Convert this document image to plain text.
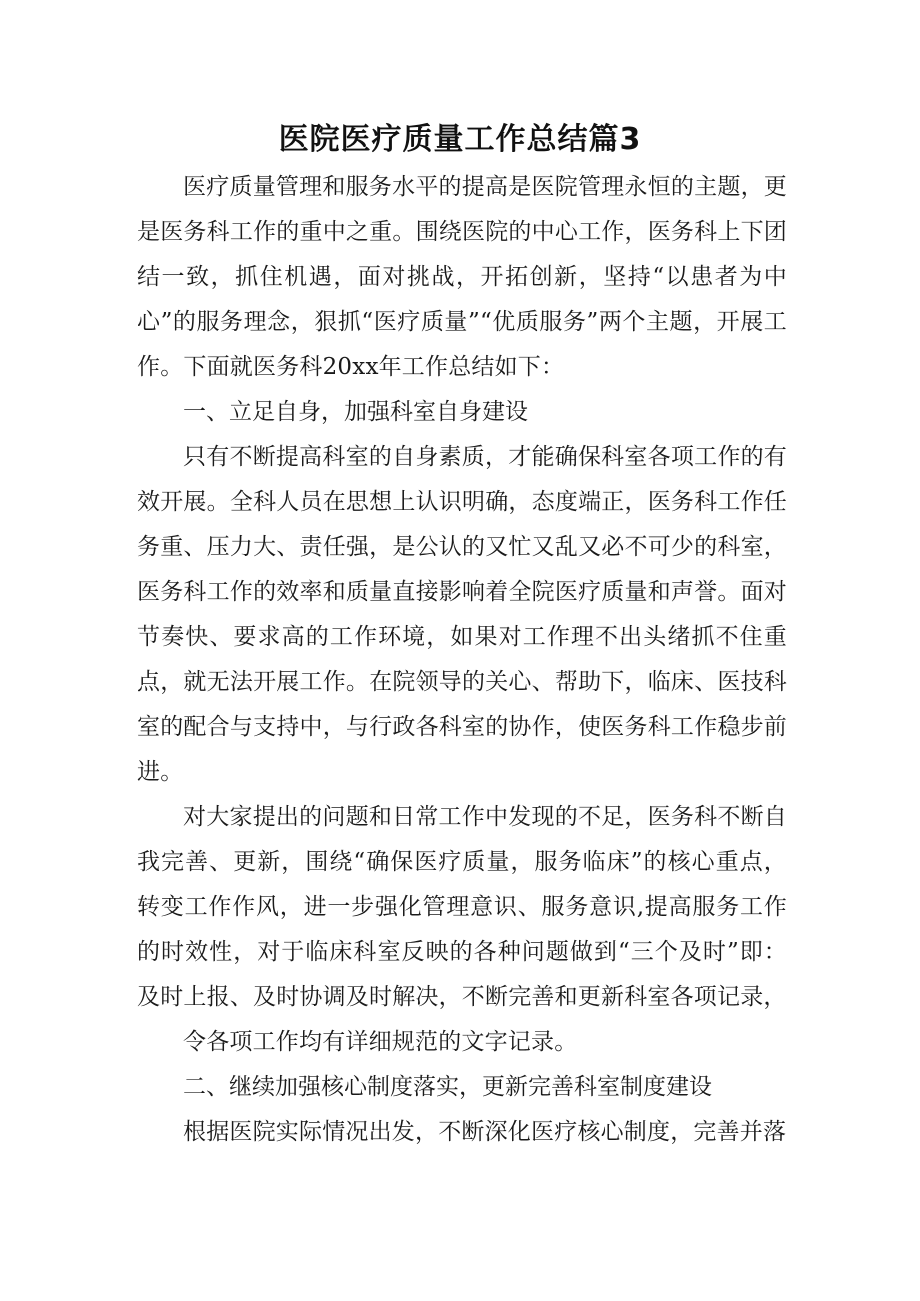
医院医疗质量工作总结篇3

医疗质量管理和服务水平的提高是医院管理永恒的主题，更是医务科工作的重中之重。围绕医院的中心工作，医务科上下团结一致，抓住机遇，面对挑战，开拓创新，坚持“以患者为中心”的服务理念，狠抓“医疗质量”“优质服务”两个主题，开展工作。下面就医务科20xx年工作总结如下：

一、立足自身，加强科室自身建设

只有不断提高科室的自身素质，才能确保科室各项工作的有效开展。全科人员在思想上认识明确，态度端正，医务科工作任务重、压力大、责任强，是公认的又忙又乱又必不可少的科室，医务科工作的效率和质量直接影响着全院医疗质量和声誉。面对节奏快、要求高的工作环境，如果对工作理不出头绪抓不住重点，就无法开展工作。在院领导的关心、帮助下，临床、医技科室的配合与支持中，与行政各科室的协作，使医务科工作稳步前进。

对大家提出的问题和日常工作中发现的不足，医务科不断自我完善、更新，围绕“确保医疗质量，服务临床”的核心重点，转变工作作风，进一步强化管理意识、服务意识,提高服务工作的时效性，对于临床科室反映的各种问题做到“三个及时”即：及时上报、及时协调及时解决，不断完善和更新科室各项记录，

令各项工作均有详细规范的文字记录。

二、继续加强核心制度落实，更新完善科室制度建设

根据医院实际情况出发，不断深化医疗核心制度，完善并落
